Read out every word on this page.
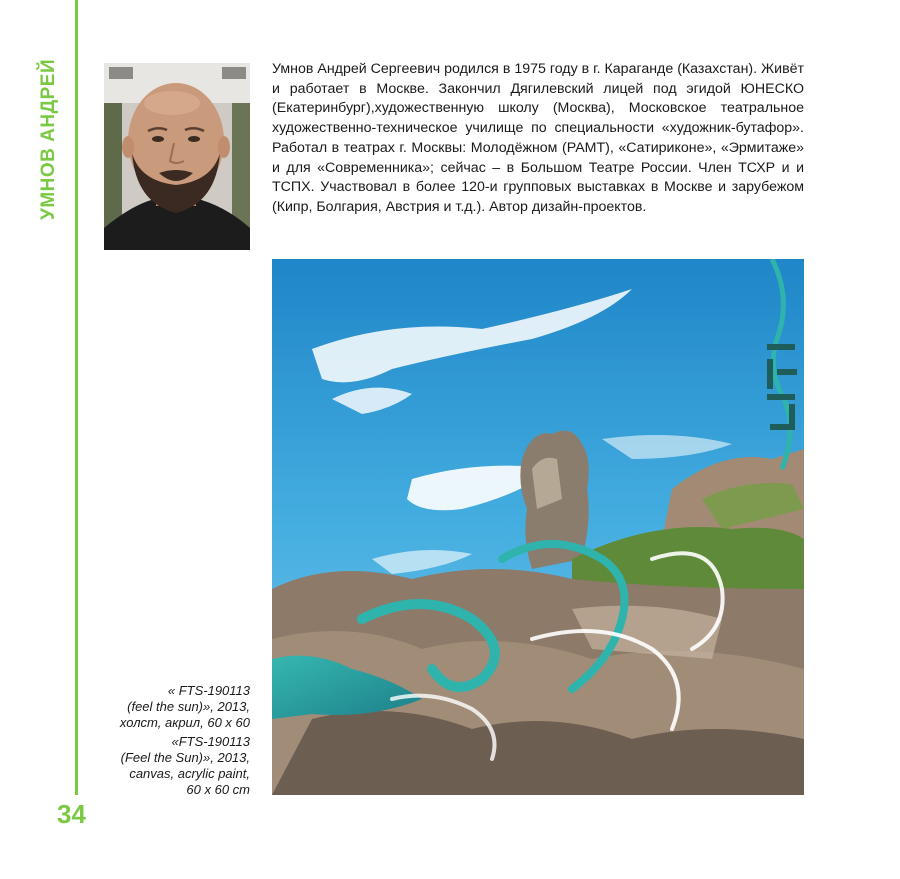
УМНОВ АНДРЕЙ
34

Умнов Андрей Сергеевич родился в 1975 году в г. Караганде (Казахстан). Живёт и работает в Москве. Закончил Дягилевский лицей под эгидой ЮНЕСКО (Екатеринбург),художественную школу (Москва), Московское театральное художественно-техническое училище по специальности «художник-бутафор». Работал в театрах г. Москвы: Молодёжном (РАМТ), «Сатириконе», «Эрмитаже» и для «Современника»; сейчас – в Большом Театре России. Член ТСХР и и ТСПХ. Участвовал в более 120-и групповых выставках в Москве и зарубежом (Кипр, Болгария, Австрия и т.д.). Автор дизайн-проектов.

« FTS-190113
(feel the sun)», 2013,
холст, акрил, 60 х 60

«FTS-190113
(Feel the Sun)», 2013,
canvas, acrylic paint,
60 х 60 cm
